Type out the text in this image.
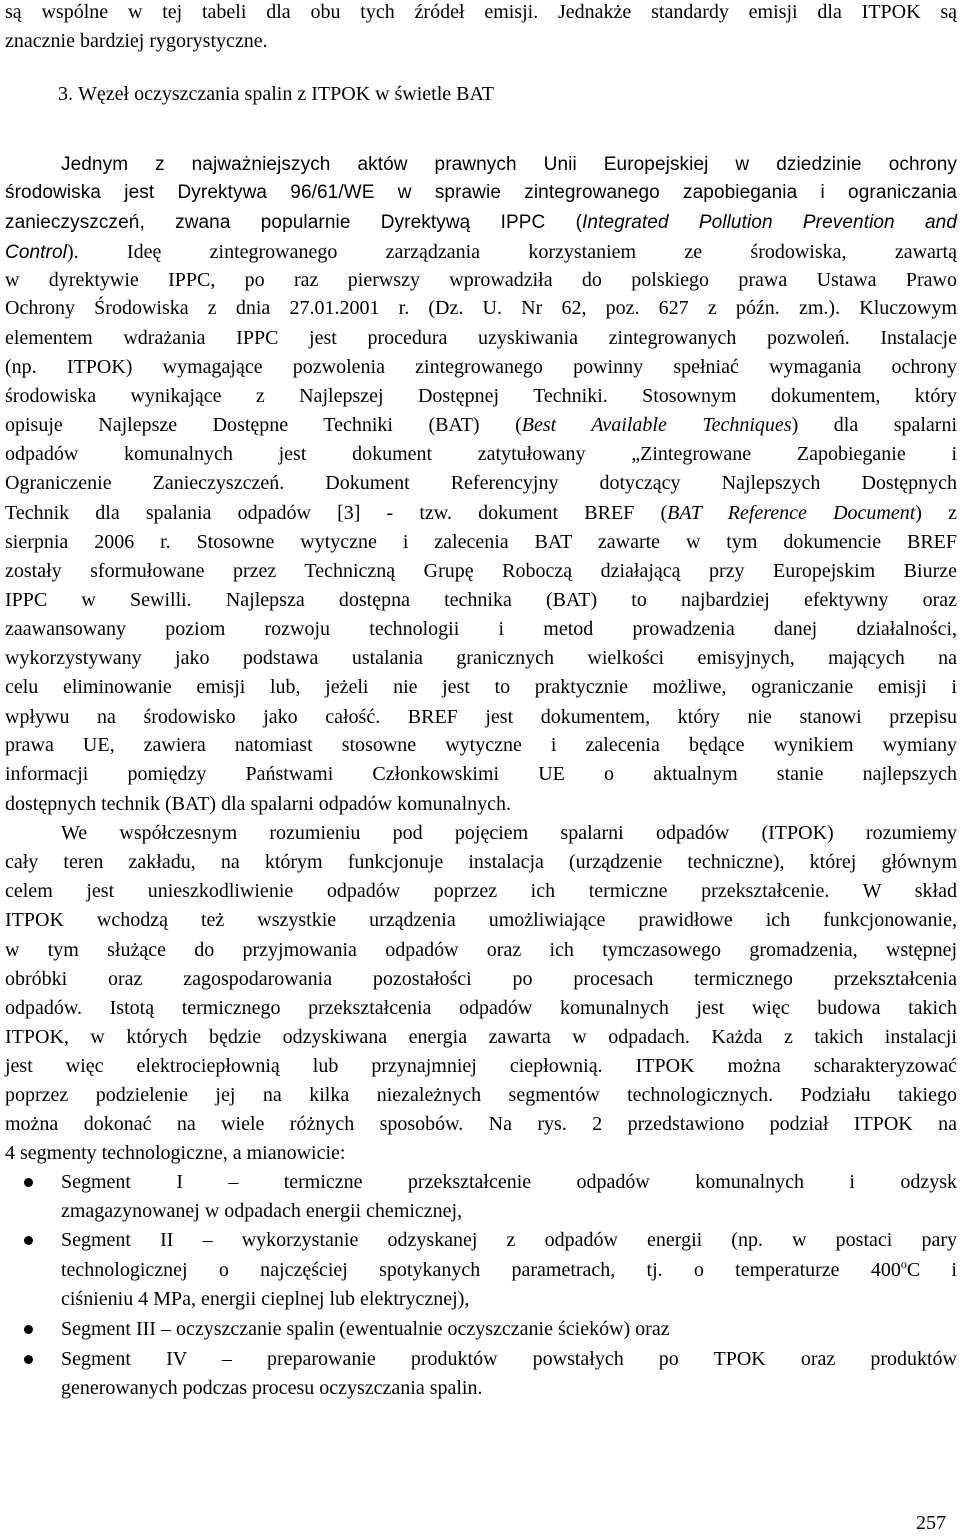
są wspólne w tej tabeli dla obu tych źródeł emisji. Jednakże standardy emisji dla ITPOK są
znacznie bardziej rygorystyczne.
3. Węzeł oczyszczania spalin z ITPOK w świetle BAT
Jednym z najważniejszych aktów prawnych Unii Europejskiej w dziedzinie ochrony
środowiska jest Dyrektywa 96/61/WE w sprawie zintegrowanego zapobiegania i ograniczania
zanieczyszczeń, zwana popularnie Dyrektywą IPPC (Integrated Pollution Prevention and
Control). Ideę zintegrowanego zarządzania korzystaniem ze środowiska, zawartą
w dyrektywie IPPC, po raz pierwszy wprowadziła do polskiego prawa Ustawa Prawo
Ochrony Środowiska z dnia 27.01.2001 r. (Dz. U. Nr 62, poz. 627 z późn. zm.). Kluczowym
elementem wdrażania IPPC jest procedura uzyskiwania zintegrowanych pozwoleń. Instalacje
(np. ITPOK) wymagające pozwolenia zintegrowanego powinny spełniać wymagania ochrony
środowiska wynikające z Najlepszej Dostępnej Techniki. Stosownym dokumentem, który
opisuje Najlepsze Dostępne Techniki (BAT) (Best Available Techniques) dla spalarni
odpadów komunalnych jest dokument zatytułowany „Zintegrowane Zapobieganie i
Ograniczenie Zanieczyszczeń. Dokument Referencyjny dotyczący Najlepszych Dostępnych
Technik dla spalania odpadów [3] - tzw. dokument BREF (BAT Reference Document) z
sierpnia 2006 r. Stosowne wytyczne i zalecenia BAT zawarte w tym dokumencie BREF
zostały sformułowane przez Techniczną Grupę Roboczą działającą przy Europejskim Biurze
IPPC w Sewilli. Najlepsza dostępna technika (BAT) to najbardziej efektywny oraz
zaawansowany poziom rozwoju technologii i metod prowadzenia danej działalności,
wykorzystywany jako podstawa ustalania granicznych wielkości emisyjnych, mających na
celu eliminowanie emisji lub, jeżeli nie jest to praktycznie możliwe, ograniczanie emisji i
wpływu na środowisko jako całość. BREF jest dokumentem, który nie stanowi przepisu
prawa UE, zawiera natomiast stosowne wytyczne i zalecenia będące wynikiem wymiany
informacji pomiędzy Państwami Członkowskimi UE o aktualnym stanie najlepszych
dostępnych technik (BAT) dla spalarni odpadów komunalnych.
We współczesnym rozumieniu pod pojęciem spalarni odpadów (ITPOK) rozumiemy
cały teren zakładu, na którym funkcjonuje instalacja (urządzenie techniczne), której głównym
celem jest unieszkodliwienie odpadów poprzez ich termiczne przekształcenie. W skład
ITPOK wchodzą też wszystkie urządzenia umożliwiające prawidłowe ich funkcjonowanie,
w tym służące do przyjmowania odpadów oraz ich tymczasowego gromadzenia, wstępnej
obróbki oraz zagospodarowania pozostałości po procesach termicznego przekształcenia
odpadów. Istotą termicznego przekształcenia odpadów komunalnych jest więc budowa takich
ITPOK, w których będzie odzyskiwana energia zawarta w odpadach. Każda z takich instalacji
jest więc elektrociepłownią lub przynajmniej ciepłownią. ITPOK można scharakteryzować
poprzez podzielenie jej na kilka niezależnych segmentów technologicznych. Podziału takiego
można dokonać na wiele różnych sposobów. Na rys. 2 przedstawiono podział ITPOK na
4 segmenty technologiczne, a mianowicie:
Segment I – termiczne przekształcenie odpadów komunalnych i odzysk
zmagazynowanej w odpadach energii chemicznej,
Segment II – wykorzystanie odzyskanej z odpadów energii (np. w postaci pary
technologicznej o najczęściej spotykanych parametrach, tj. o temperaturze 400$^o$C i
ciśnieniu 4 MPa, energii cieplnej lub elektrycznej),
Segment III – oczyszczanie spalin (ewentualnie oczyszczanie ścieków) oraz
Segment IV – preparowanie produktów powstałych po TPOK oraz produktów
generowanych podczas procesu oczyszczania spalin.
257
